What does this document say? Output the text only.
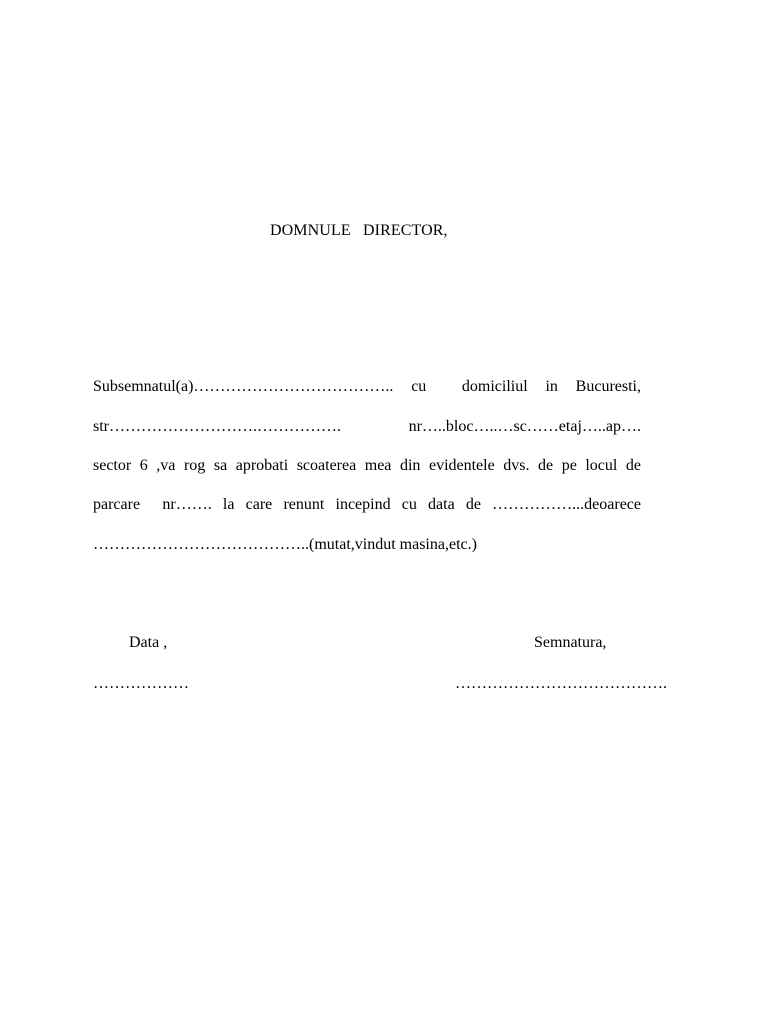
DOMNULE   DIRECTOR,
Subsemnatul(a)……………………………….. cu  domiciliul in Bucuresti,
str……………………….…………….   nr…..bloc…..…sc……etaj…..ap….
sector 6 ,va rog sa aprobati scoaterea mea din evidentele dvs. de pe locul de
parcare  nr……. la care renunt incepind cu data de ……………...deoarece
…………………………………..(mutat,vindut masina,etc.)
Data ,	Semnatura,
………………	………………………………….
